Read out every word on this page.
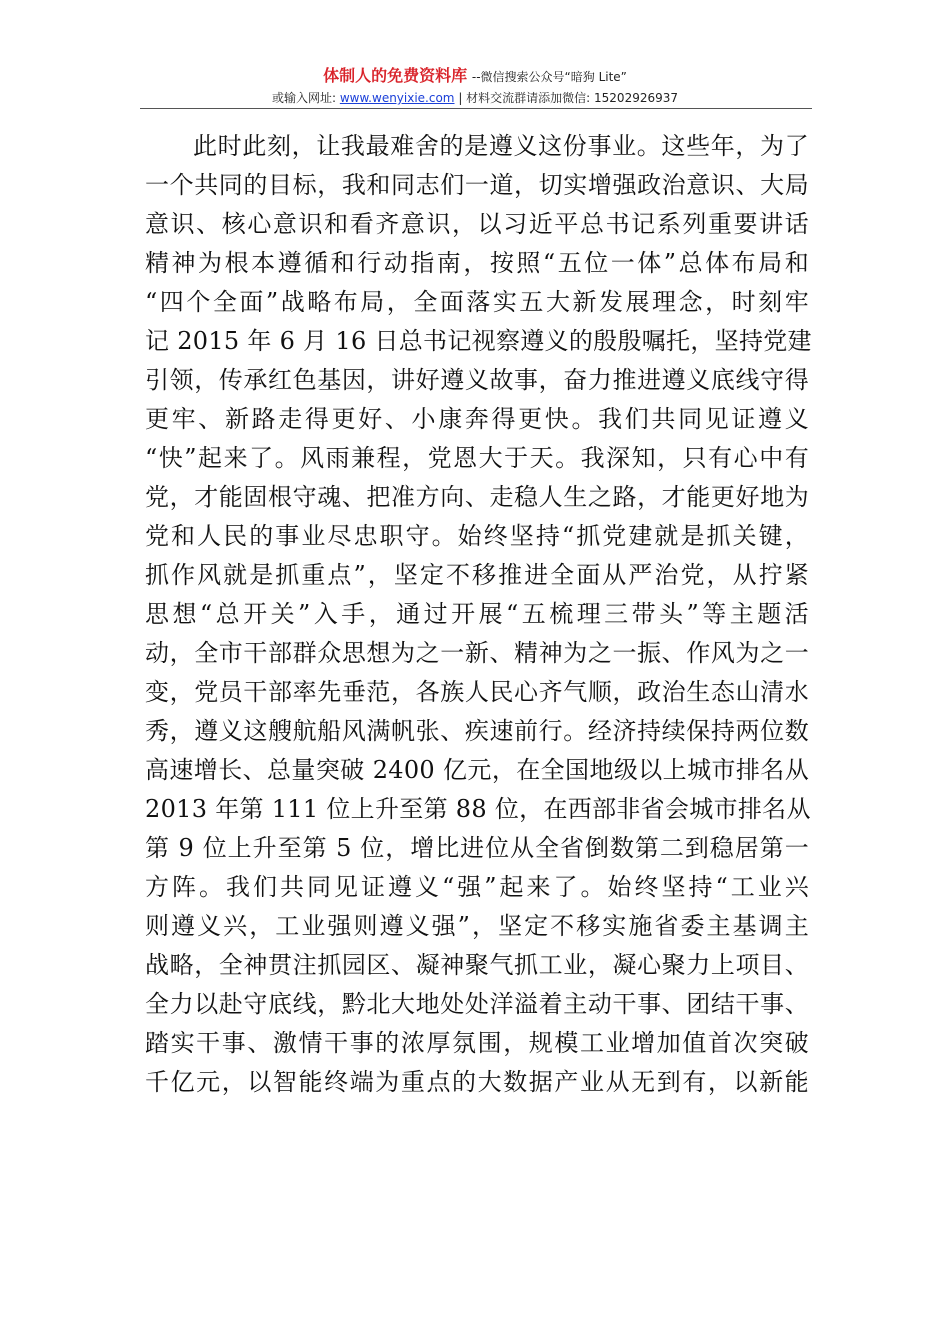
体制人的免费资料库 --微信搜索公众号“暗狗 Lite”
或输入网址: www.wenyixie.com | 材料交流群请添加微信: 15202926937
此时此刻，让我最难舍的是遵义这份事业。这些年，为了
一个共同的目标，我和同志们一道，切实增强政治意识、大局
意识、核心意识和看齐意识，以习近平总书记系列重要讲话
精神为根本遵循和行动指南，按照“五位一体”总体布局和
“四个全面”战略布局，全面落实五大新发展理念，时刻牢
记 2015 年 6 月 16 日总书记视察遵义的殷殷嘱托，坚持党建
引领，传承红色基因，讲好遵义故事，奋力推进遵义底线守得
更牢、新路走得更好、小康奔得更快。我们共同见证遵义
“快”起来了。风雨兼程，党恩大于天。我深知，只有心中有
党，才能固根守魂、把准方向、走稳人生之路，才能更好地为
党和人民的事业尽忠职守。始终坚持“抓党建就是抓关键，
抓作风就是抓重点”，坚定不移推进全面从严治党，从拧紧
思想“总开关”入手，通过开展“五梳理三带头”等主题活
动，全市干部群众思想为之一新、精神为之一振、作风为之一
变，党员干部率先垂范，各族人民心齐气顺，政治生态山清水
秀，遵义这艘航船风满帆张、疾速前行。经济持续保持两位数
高速增长、总量突破 2400 亿元，在全国地级以上城市排名从
2013 年第 111 位上升至第 88 位，在西部非省会城市排名从
第 9 位上升至第 5 位，增比进位从全省倒数第二到稳居第一
方阵。我们共同见证遵义“强”起来了。始终坚持“工业兴
则遵义兴，工业强则遵义强”，坚定不移实施省委主基调主
战略，全神贯注抓园区、凝神聚气抓工业，凝心聚力上项目、
全力以赴守底线，黔北大地处处洋溢着主动干事、团结干事、
踏实干事、激情干事的浓厚氛围，规模工业增加值首次突破
千亿元，以智能终端为重点的大数据产业从无到有，以新能
